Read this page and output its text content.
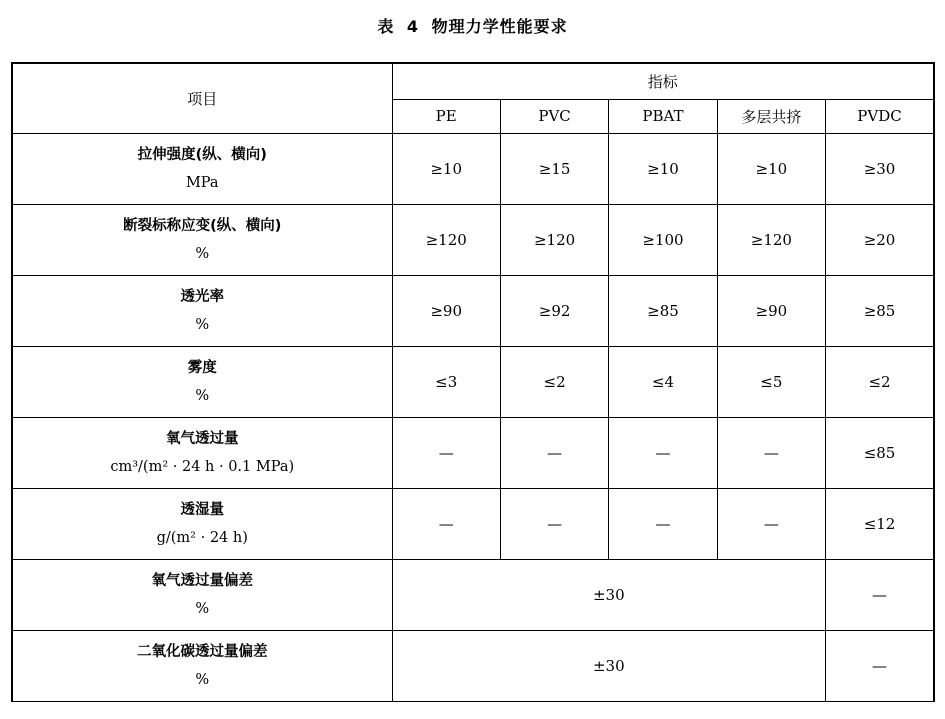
表 4 物理力学性能要求
项目	指标				
	PE	PVC	PBAT	多层共挤	PVDC

拉伸强度(纵、横向)
MPa	≥10	≥15	≥10	≥10	≥30

断裂标称应变(纵、横向)
%	≥120	≥120	≥100	≥120	≥20

透光率
%	≥90	≥92	≥85	≥90	≥85

雾度
%	≤3	≤2	≤4	≤5	≤2

氧气透过量
cm³/(m² · 24 h · 0.1 MPa)	—	—	—	—	≤85

透湿量
g/(m² · 24 h)	—	—	—	—	≤12

氧气透过量偏差
%	±30				—

二氧化碳透过量偏差
%	±30				—
